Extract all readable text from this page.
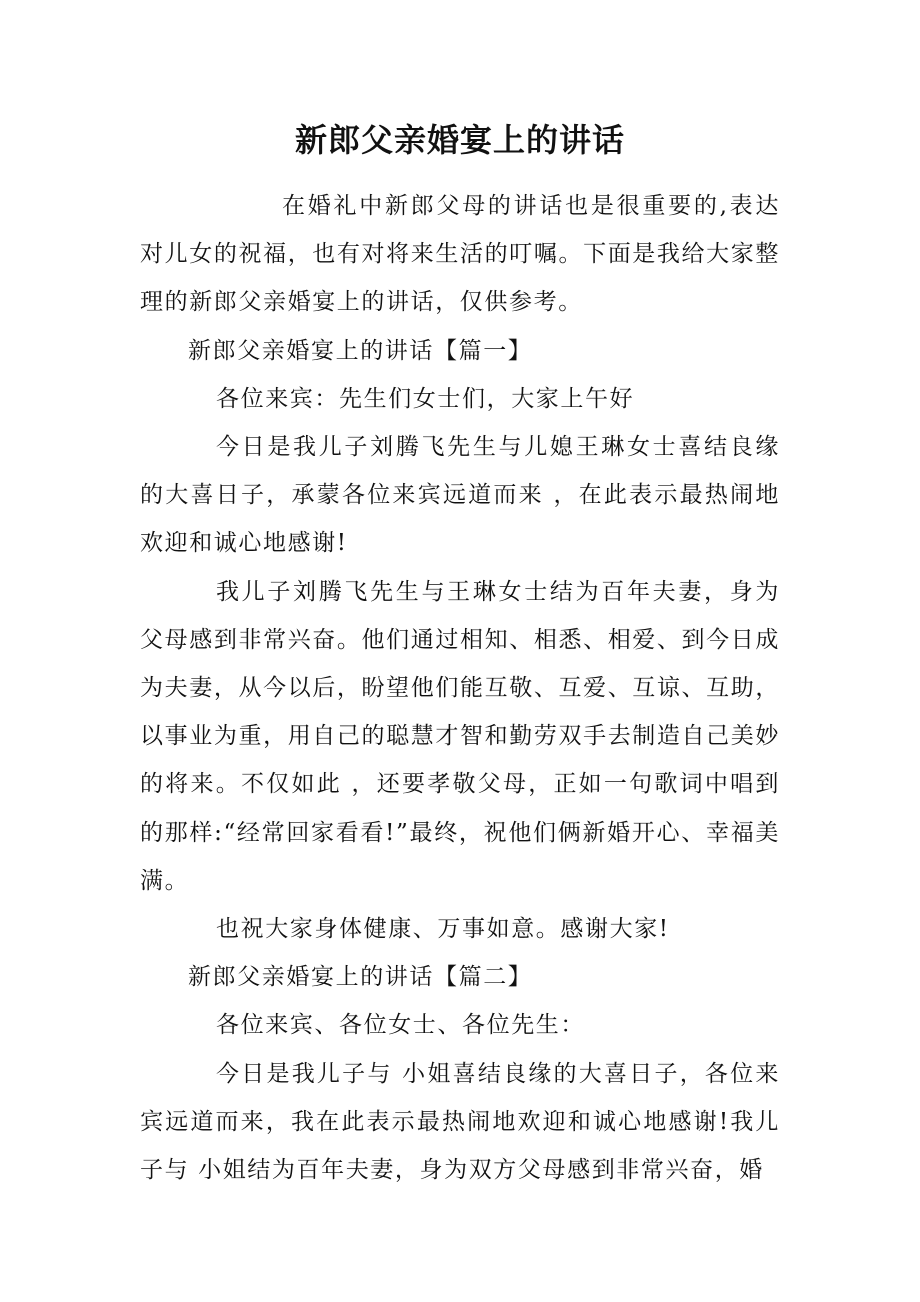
新郎父亲婚宴上的讲话

在婚礼中新郎父母的讲话也是很重要的,表达对儿女的祝福，也有对将来生活的叮嘱。下面是我给大家整理的新郎父亲婚宴上的讲话，仅供参考。

新郎父亲婚宴上的讲话【篇一】

各位来宾：先生们女士们，大家上午好

今日是我儿子刘腾飞先生与儿媳王琳女士喜结良缘的大喜日子，承蒙各位来宾远道而来 ，在此表示最热闹地欢迎和诚心地感谢!

我儿子刘腾飞先生与王琳女士结为百年夫妻，身为父母感到非常兴奋。他们通过相知、相悉、相爱、到今日成为夫妻，从今以后，盼望他们能互敬、互爱、互谅、互助，以事业为重，用自己的聪慧才智和勤劳双手去制造自己美妙的将来。不仅如此 ，还要孝敬父母，正如一句歌词中唱到的那样:“经常回家看看!”最终，祝他们俩新婚开心、幸福美满。

也祝大家身体健康、万事如意。感谢大家!

新郎父亲婚宴上的讲话【篇二】

各位来宾、各位女士、各位先生：

今日是我儿子与 小姐喜结良缘的大喜日子，各位来宾远道而来，我在此表示最热闹地欢迎和诚心地感谢!我儿子与 小姐结为百年夫妻，身为双方父母感到非常兴奋，婚
